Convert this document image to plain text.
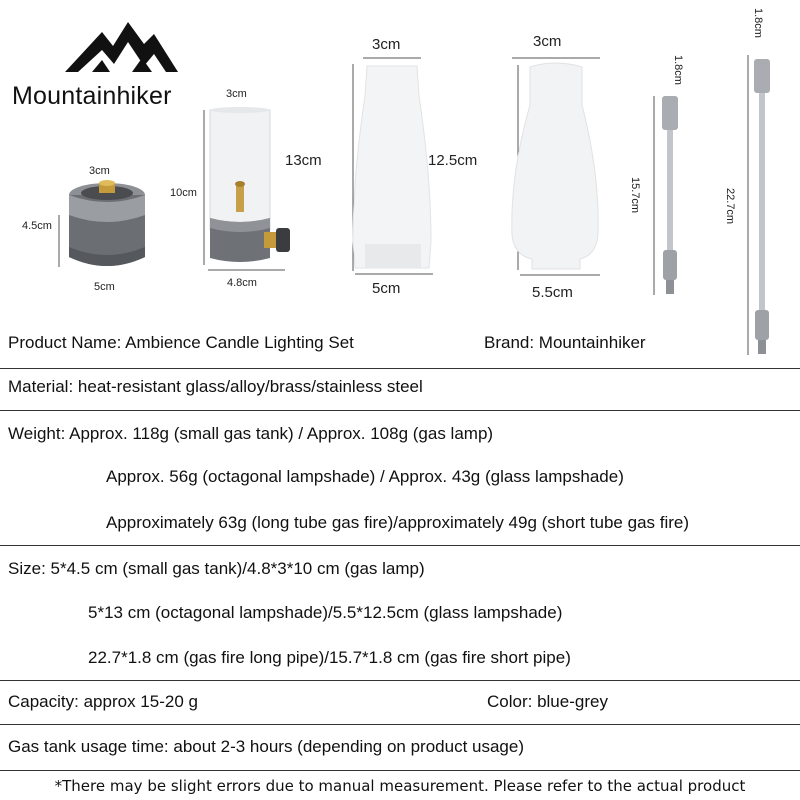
Mountainhiker
3cm
4.5cm
5cm
3cm
10cm
4.8cm
3cm
13cm
5cm
3cm
12.5cm
5.5cm
1.8cm
15.7cm
1.8cm
22.7cm
Product Name: Ambience Candle Lighting Set	Brand: Mountainhiker
Material: heat-resistant glass/alloy/brass/stainless steel
Weight: Approx. 118g (small gas tank) / Approx. 108g (gas lamp)
Approx. 56g (octagonal lampshade) / Approx. 43g (glass lampshade)
Approximately 63g (long tube gas fire)/approximately 49g (short tube gas fire)
Size: 5*4.5 cm (small gas tank)/4.8*3*10 cm (gas lamp)
5*13 cm (octagonal lampshade)/5.5*12.5cm (glass lampshade)
22.7*1.8 cm (gas fire long pipe)/15.7*1.8 cm (gas fire short pipe)
Capacity: approx 15-20 g	Color: blue-grey
Gas tank usage time: about 2-3 hours (depending on product usage)
*There may be slight errors due to manual measurement. Please refer to the actual product
